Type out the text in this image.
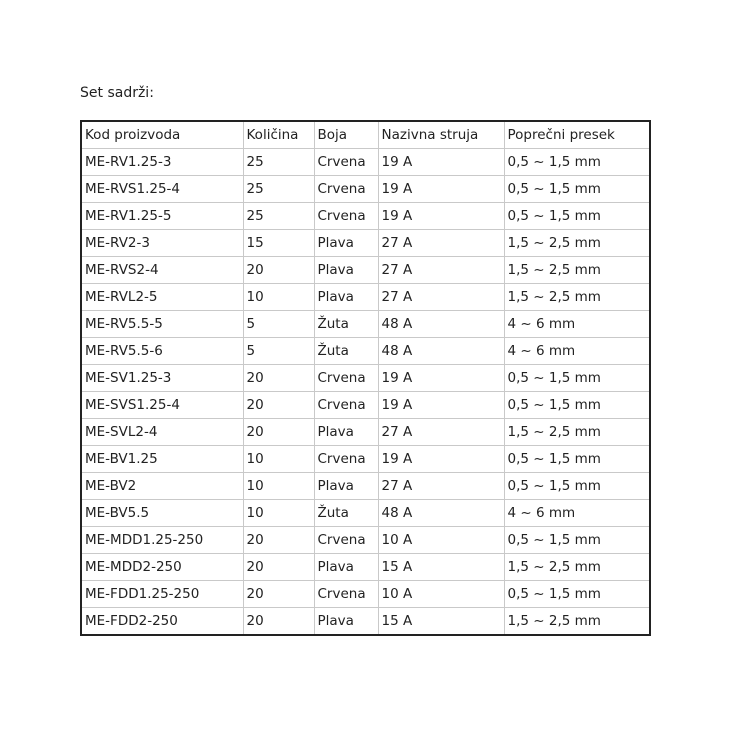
Set sadrži:
Kod proizvoda	Količina	Boja	Nazivna struja	Poprečni presek
ME-RV1.25-3	25	Crvena	19 A	0,5 ~ 1,5 mm
ME-RVS1.25-4	25	Crvena	19 A	0,5 ~ 1,5 mm
ME-RV1.25-5	25	Crvena	19 A	0,5 ~ 1,5 mm
ME-RV2-3	15	Plava	27 A	1,5 ~ 2,5 mm
ME-RVS2-4	20	Plava	27 A	1,5 ~ 2,5 mm
ME-RVL2-5	10	Plava	27 A	1,5 ~ 2,5 mm
ME-RV5.5-5	5	Žuta	48 A	4 ~ 6 mm
ME-RV5.5-6	5	Žuta	48 A	4 ~ 6 mm
ME-SV1.25-3	20	Crvena	19 A	0,5 ~ 1,5 mm
ME-SVS1.25-4	20	Crvena	19 A	0,5 ~ 1,5 mm
ME-SVL2-4	20	Plava	27 A	1,5 ~ 2,5 mm
ME-BV1.25	10	Crvena	19 A	0,5 ~ 1,5 mm
ME-BV2	10	Plava	27 A	0,5 ~ 1,5 mm
ME-BV5.5	10	Žuta	48 A	4 ~ 6 mm
ME-MDD1.25-250	20	Crvena	10 A	0,5 ~ 1,5 mm
ME-MDD2-250	20	Plava	15 A	1,5 ~ 2,5 mm
ME-FDD1.25-250	20	Crvena	10 A	0,5 ~ 1,5 mm
ME-FDD2-250	20	Plava	15 A	1,5 ~ 2,5 mm
